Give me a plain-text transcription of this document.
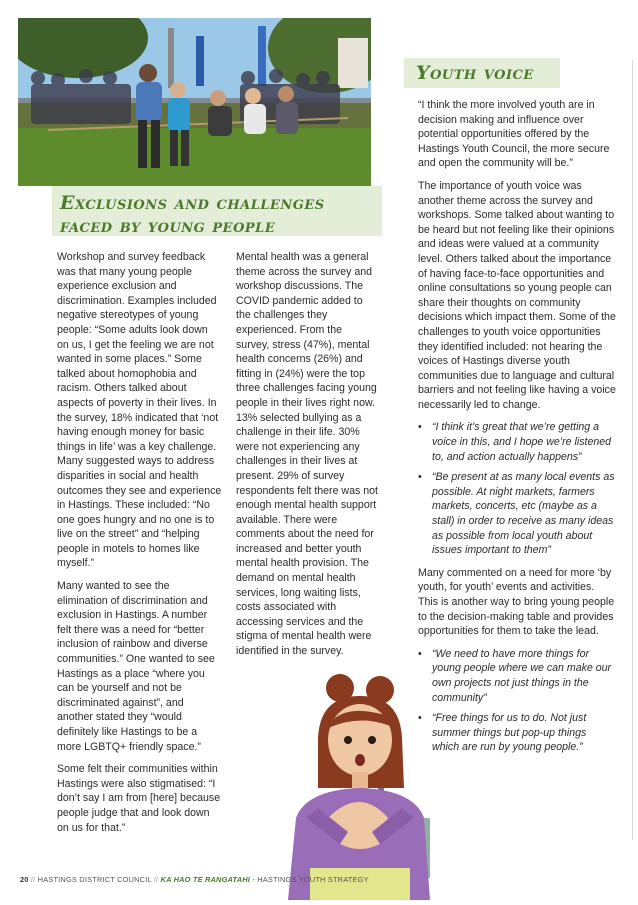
Exclusions and challenges faced by young people
Youth voice

Workshop and survey feedback was that many young people experience exclusion and discrimination. Examples included negative stereotypes of young people: “Some adults look down on us, I get the feeling we are not wanted in some places.” Some talked about homophobia and racism. Others talked about aspects of poverty in their lives. In the survey, 18% indicated that ‘not having enough money for basic things in life’ was a key challenge. Many suggested ways to address disparities in social and health outcomes they see and experience in Hastings. These included: “No one goes hungry and no one is to live on the street” and “helping people in motels to homes like myself.”

Many wanted to see the elimination of discrimination and exclusion in Hastings. A number felt there was a need for “better inclusion of rainbow and diverse communities.” One wanted to see Hastings as a place “where you can be yourself and not be discriminated against”, and another stated they “would definitely like Hastings to be a more LGBTQ+ friendly space.”

Some felt their communities within Hastings were also stigmatised: “I don’t say I am from [here] because people judge that and look down on us for that.”

Mental health was a general theme across the survey and workshop discussions. The COVID pandemic added to the challenges they experienced. From the survey, stress (47%), mental health concerns (26%) and fitting in (24%) were the top three challenges facing young people in their lives right now. 13% selected bullying as a challenge in their life. 30% were not experiencing any challenges in their lives at present. 29% of survey respondents felt there was not enough mental health support available. There were comments about the need for increased and better youth mental health provision. The demand on mental health services, long waiting lists, costs associated with accessing services and the stigma of mental health were identified in the survey.

“I think the more involved youth are in decision making and influence over potential opportunities offered by the Hastings Youth Council, the more secure and open the community will be.”

The importance of youth voice was another theme across the survey and workshops. Some talked about wanting to be heard but not feeling like their opinions and ideas were valued at a community level. Others talked about the importance of having face-to-face opportunities and online consultations so young people can share their thoughts on community decisions which impact them. Some of the challenges to youth voice opportunities they identified included: not hearing the voices of Hastings diverse youth communities due to language and cultural barriers and not feeling like having a voice necessarily led to change.

• “I think it’s great that we’re getting a voice in this, and I hope we’re listened to, and action actually happens”
• “Be present at as many local events as possible. At night markets, farmers markets, concerts, etc (maybe as a stall) in order to receive as many ideas as possible from local youth about issues important to them”

Many commented on a need for more ‘by youth, for youth’ events and activities. This is another way to bring young people to the decision-making table and provides opportunities for them to take the lead.

• “We need to have more things for young people where we can make our own projects not just things in the community”
• “Free things for us to do. Not just summer things but pop-up things which are run by young people.”
20 // HASTINGS DISTRICT COUNCIL // KA HAO TE RANGATAHI - HASTINGS YOUTH STRATEGY
